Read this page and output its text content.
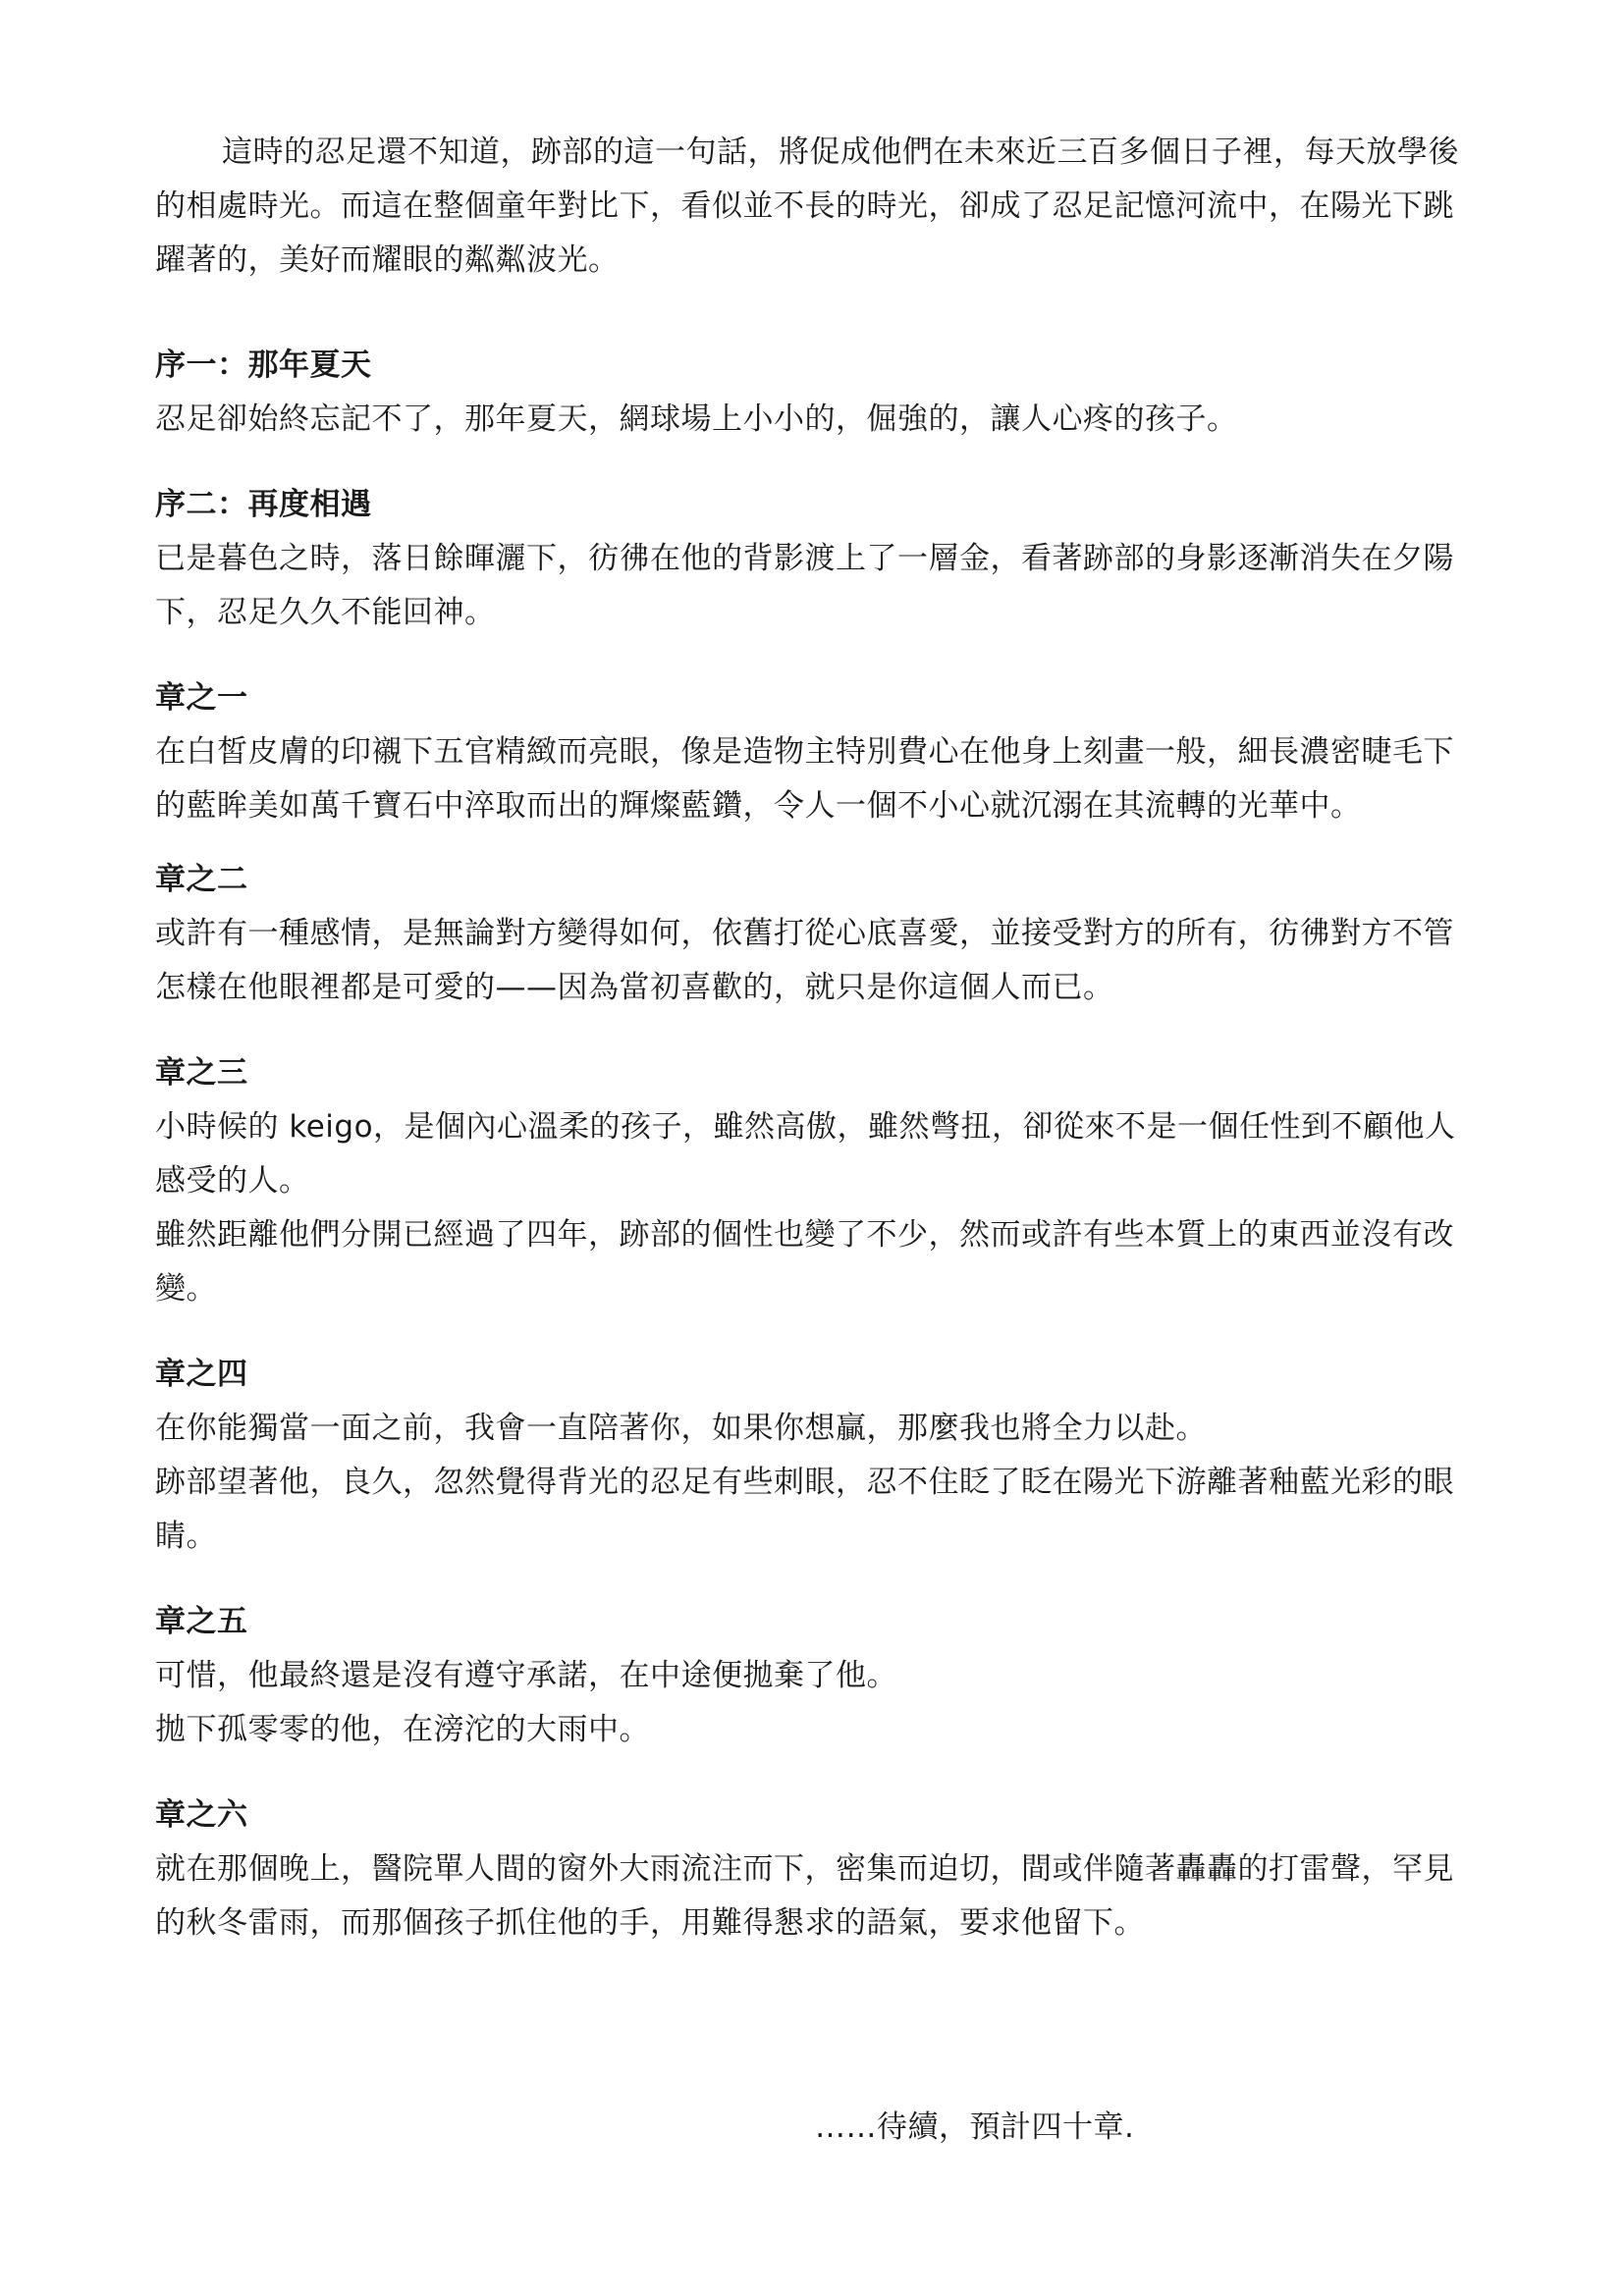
這時的忍足還不知道，跡部的這一句話，將促成他們在未來近三百多個日子裡，每天放學後的相處時光。而這在整個童年對比下，看似並不長的時光，卻成了忍足記憶河流中，在陽光下跳躍著的，美好而耀眼的粼粼波光。

序一：那年夏天

忍足卻始終忘記不了，那年夏天，網球場上小小的，倔強的，讓人心疼的孩子。

序二：再度相遇

已是暮色之時，落日餘暉灑下，彷彿在他的背影渡上了一層金，看著跡部的身影逐漸消失在夕陽下，忍足久久不能回神。

章之一

在白皙皮膚的印襯下五官精緻而亮眼，像是造物主特別費心在他身上刻畫一般，細長濃密睫毛下的藍眸美如萬千寶石中淬取而出的輝燦藍鑽，令人一個不小心就沉溺在其流轉的光華中。

章之二

或許有一種感情，是無論對方變得如何，依舊打從心底喜愛，並接受對方的所有，彷彿對方不管怎樣在他眼裡都是可愛的——因為當初喜歡的，就只是你這個人而已。

章之三

小時候的 keigo，是個內心溫柔的孩子，雖然高傲，雖然彆扭，卻從來不是一個任性到不顧他人感受的人。

雖然距離他們分開已經過了四年，跡部的個性也變了不少，然而或許有些本質上的東西並沒有改變。

章之四

在你能獨當一面之前，我會一直陪著你，如果你想贏，那麼我也將全力以赴。

跡部望著他，良久，忽然覺得背光的忍足有些刺眼，忍不住眨了眨在陽光下游離著釉藍光彩的眼睛。

章之五

可惜，他最終還是沒有遵守承諾，在中途便拋棄了他。

拋下孤零零的他，在滂沱的大雨中。

章之六

就在那個晚上，醫院單人間的窗外大雨流注而下，密集而迫切，間或伴隨著轟轟的打雷聲，罕見的秋冬雷雨，而那個孩子抓住他的手，用難得懇求的語氣，要求他留下。

……待續，預計四十章.
